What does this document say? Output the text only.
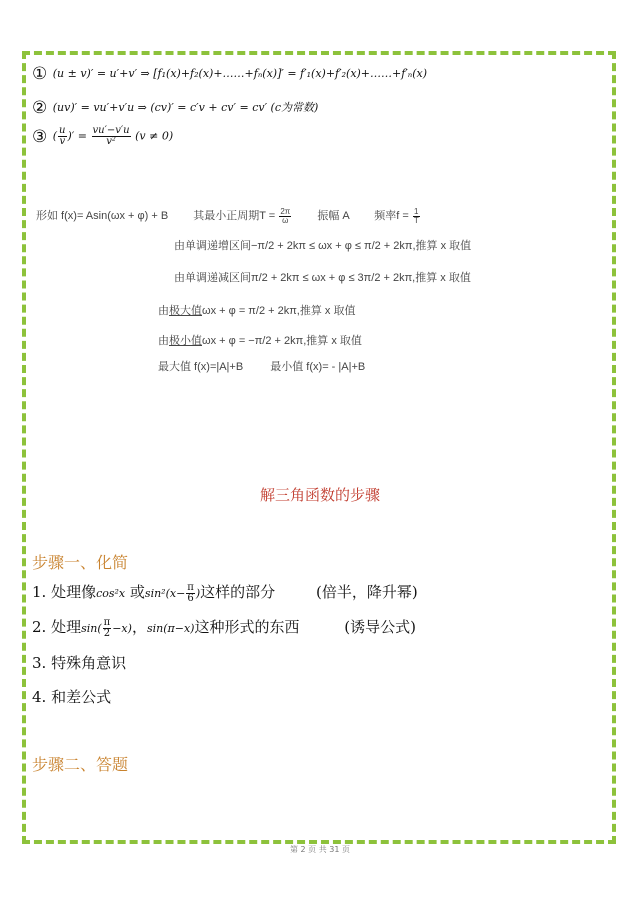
① (u ± v)′ = u′+v′ ⇒ [f₁(x)+f₂(x)+……+fₙ(x)]′ = f′₁(x)+f′₂(x)+……+f′ₙ(x)
② (uv)′ = vu′+v′u ⇒ (cv)′ = c′v + cv′ = cv′ (c为常数)
③ ( $\frac{u}{v}$ )′ = $\frac{vu'-v'u}{\text{v²}} (v \ne 0)$
形如 f(x)= Asin(ωx + φ) + B 其最小正周期$T = \frac{2\pi}{\omega}$ 振幅 A 频率$f = \frac{1}{T}$
由单调递增区间−π/2 + 2kπ ≤ ωx + φ ≤ π/2 + 2kπ,推算 x 取值
由单调递减区间π/2 + 2kπ ≤ ωx + φ ≤ 3π/2 + 2kπ,推算 x 取值
由极大值ωx + φ = π/2 + 2kπ,推算 x 取值
由极小值ωx + φ = −π/2 + 2kπ,推算 x 取值
最大值 f(x)=|A|+B 最小值 f(x)= - |A|+B
解三角函数的步骤
步骤一、化简
1. 处理像cos²x 或$\sin^2(x- \frac{\pi}{6}$ )这样的部分	(倍半，降升幂)
2. 处理$\sin( \frac{\pi}{2} -x)$，sin(π−x)这种形式的东西	(诱导公式)
3. 特殊角意识
4. 和差公式
步骤二、答题
第 2 页 共 31 页
